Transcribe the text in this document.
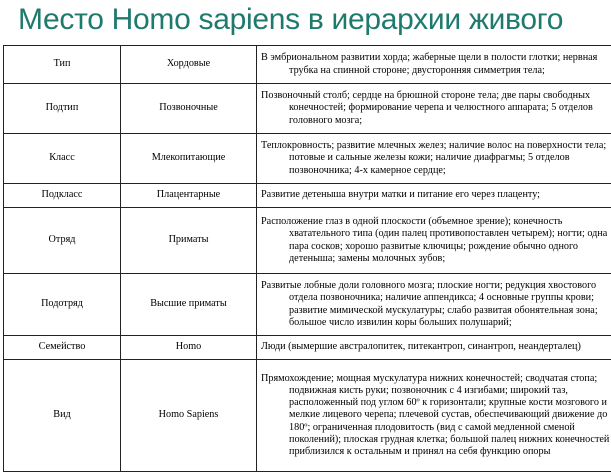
Место Homo sapiens в иерархии живого
Тип	Хордовые	В эмбриональном развитии хорда; жаберные щели в полости глотки; нервная трубка на спинной стороне; двусторонняя симметрия тела;

Подтип	Позвоночные	Позвоночный столб; сердце на брюшной стороне тела; две пары свободных конечностей; формирование черепа и челюстного аппарата; 5 отделов головного мозга;

Класс	Млекопитающие	Теплокровность; развитие млечных желез; наличие волос на поверхности тела; потовые и сальные железы кожи; наличие диафрагмы; 5 отделов позвоночника; 4-х камерное сердце;

Подкласс	Плацентарные	Развитие детеныша внутри матки и питание его через плаценту;

Отряд	Приматы	Расположение глаз в одной плоскости (объемное зрение); конечность хватательного типа (один палец противопоставлен четырем); ногти; одна пара сосков; хорошо развитые ключицы; рождение обычно одного детеныша; замены молочных зубов;

Подотряд	Высшие приматы	Развитые лобные доли головного мозга; плоские ногти; редукция хвостового отдела позвоночника; наличие аппендикса; 4 основные группы крови; развитие мимической мускулатуры; слабо развитая обонятельная зона; большое число извилин коры больших полушарий;

Семейство	Homo	Люди (вымершие австралопитек, питекантроп, синантроп, неандерталец)

Вид	Homo Sapiens	Прямохождение; мощная мускулатура нижних конечностей; сводчатая стопа; подвижная кисть руки; позвоночник с 4 изгибами; широкий таз, расположенный под углом 60º к горизонтали; крупные кости мозгового и мелкие лицевого черепа; плечевой сустав, обеспечивающий движение до 180º; ограниченная плодовитость (вид с самой медленной сменой поколений); плоская грудная клетка; большой палец нижних конечностей приблизился к остальным и принял на себя функцию опоры
